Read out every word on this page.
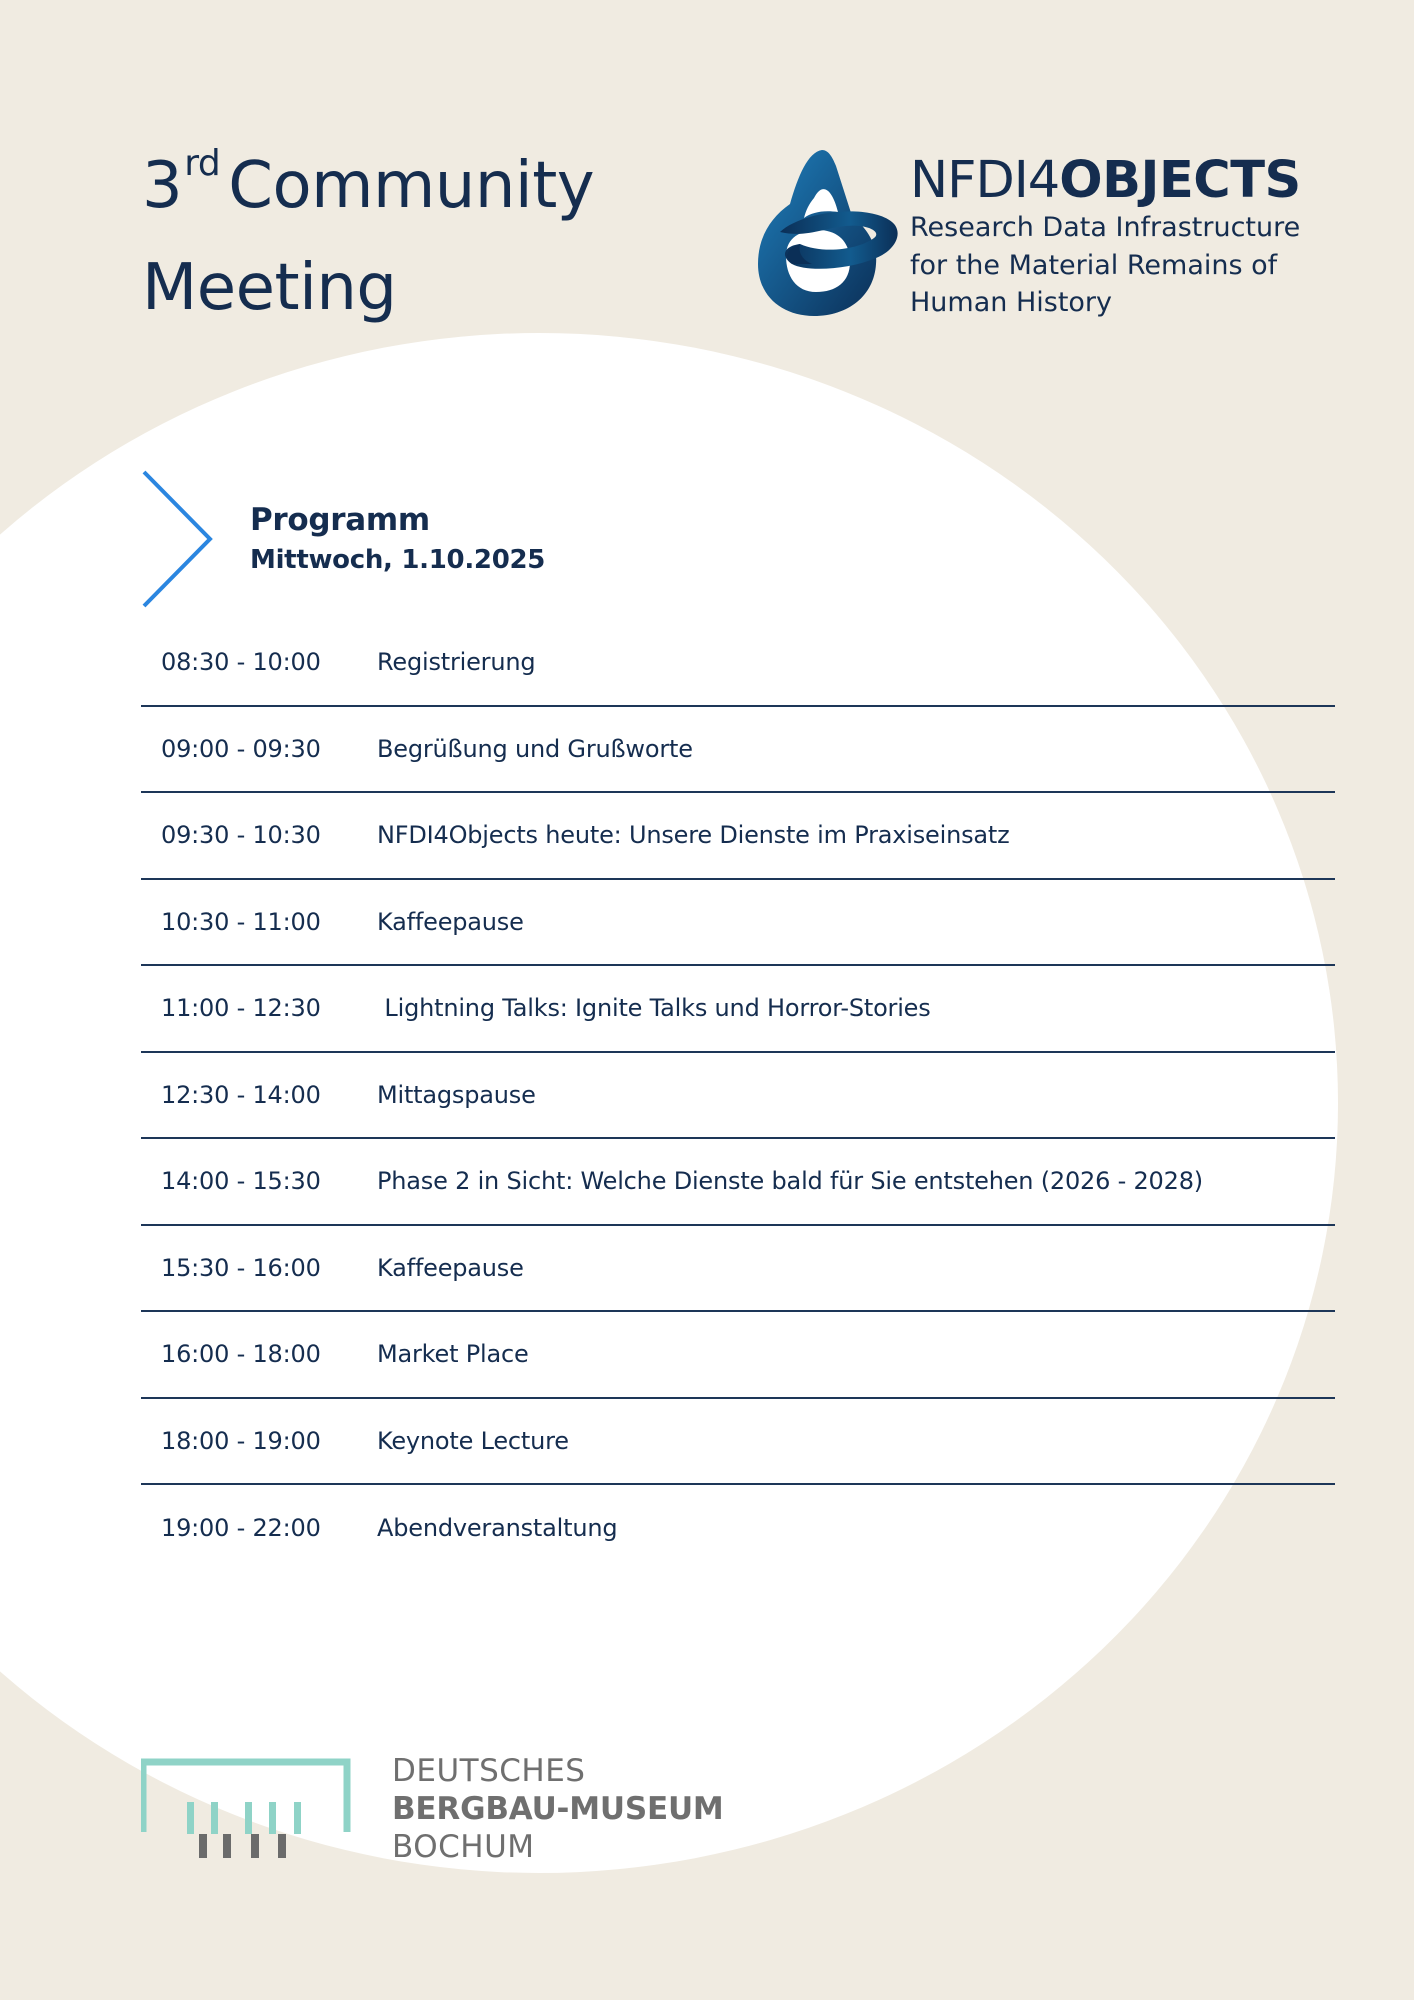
3rd Community
Meeting
NFDI4OBJECTS
Research Data Infrastructure
for the Material Remains of
Human History
Programm
Mittwoch, 1.10.2025
08:30 - 10:00	Registrierung
09:00 - 09:30	Begrüßung und Grußworte
09:30 - 10:30	NFDI4Objects heute: Unsere Dienste im Praxiseinsatz
10:30 - 11:00	Kaffeepause
11:00 - 12:30	Lightning Talks: Ignite Talks und Horror-Stories
12:30 - 14:00	Mittagspause
14:00 - 15:30	Phase 2 in Sicht: Welche Dienste bald für Sie entstehen (2026 - 2028)
15:30 - 16:00	Kaffeepause
16:00 - 18:00	Market Place
18:00 - 19:00	Keynote Lecture
19:00 - 22:00	Abendveranstaltung
DEUTSCHES
BERGBAU-MUSEUM
BOCHUM
